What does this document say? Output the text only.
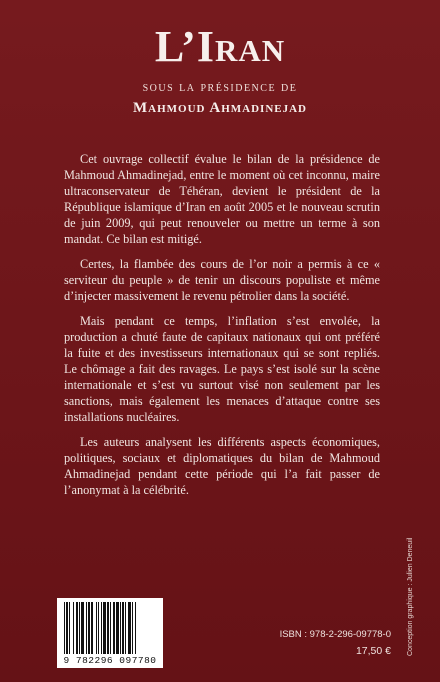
L’Iran
sous la présidence de
Mahmoud Ahmadinejad

Cet ouvrage collectif évalue le bilan de la présidence de Mahmoud Ahmadinejad, entre le moment où cet inconnu, maire ultraconservateur de Téhéran, devient le président de la République islamique d’Iran en août 2005 et le nouveau scrutin de juin 2009, qui peut renouveler ou mettre un terme à son mandat. Ce bilan est mitigé.

Certes, la flambée des cours de l’or noir a permis à ce « serviteur du peuple » de tenir un discours populiste et même d’injecter massivement le revenu pétrolier dans la société.

Mais pendant ce temps, l’inflation s’est envolée, la production a chuté faute de capitaux nationaux qui ont préféré la fuite et des investisseurs internationaux qui se sont repliés. Le chômage a fait des ravages. Le pays s’est isolé sur la scène internationale et s’est vu surtout visé non seulement par les sanctions, mais également les menaces d’attaque contre ses installations nucléaires.

Les auteurs analysent les différents aspects économiques, politiques, sociaux et diplomatiques du bilan de Mahmoud Ahmadinejad pendant cette période qui l’a fait passer de l’anonymat à la célébrité.

9 782296 097780
ISBN : 978-2-296-09778-0
17,50 € Conception graphique : Julien Deneuil
